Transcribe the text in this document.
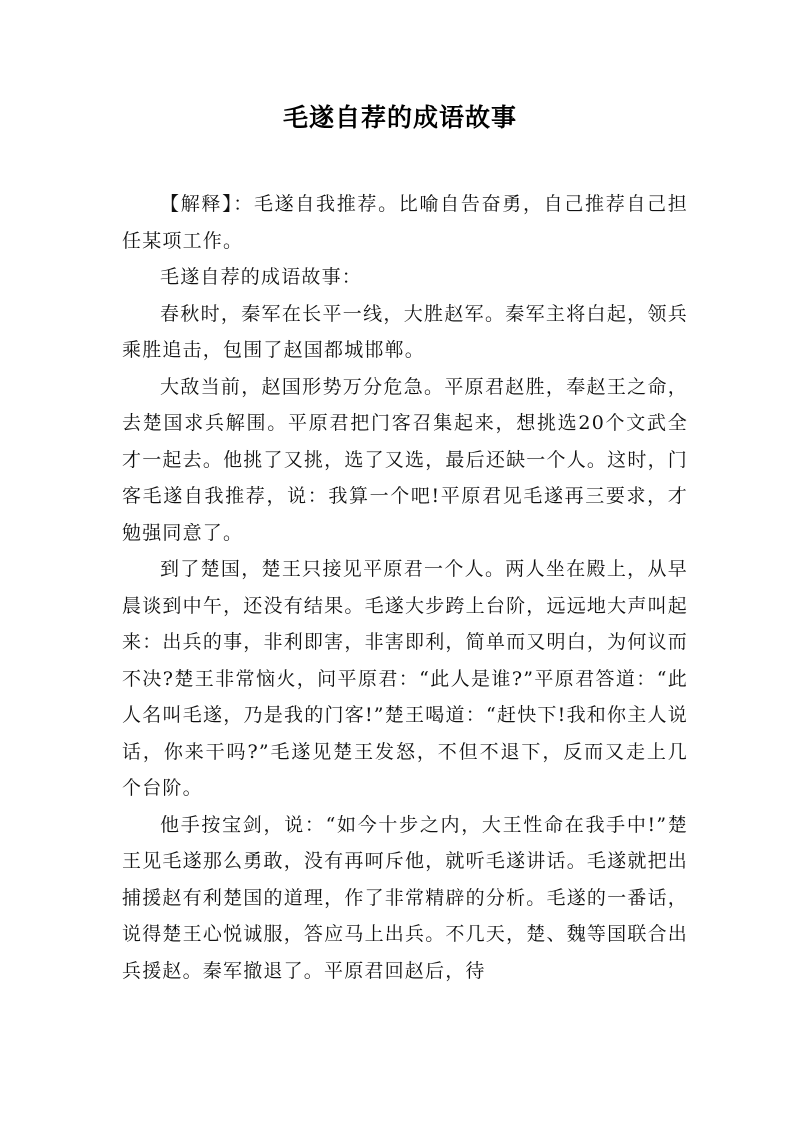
毛遂自荐的成语故事

【解释】：毛遂自我推荐。比喻自告奋勇，自己推荐自己担任某项工作。

毛遂自荐的成语故事：

春秋时，秦军在长平一线，大胜赵军。秦军主将白起，领兵乘胜追击，包围了赵国都城邯郸。

大敌当前，赵国形势万分危急。平原君赵胜，奉赵王之命，去楚国求兵解围。平原君把门客召集起来，想挑选20个文武全才一起去。他挑了又挑，选了又选，最后还缺一个人。这时，门客毛遂自我推荐，说：我算一个吧!平原君见毛遂再三要求，才勉强同意了。

到了楚国，楚王只接见平原君一个人。两人坐在殿上，从早晨谈到中午，还没有结果。毛遂大步跨上台阶，远远地大声叫起来：出兵的事，非利即害，非害即利，简单而又明白，为何议而不决?楚王非常恼火，问平原君：“此人是谁?”平原君答道：“此人名叫毛遂，乃是我的门客!”楚王喝道：“赶快下!我和你主人说话，你来干吗?”毛遂见楚王发怒，不但不退下，反而又走上几个台阶。

他手按宝剑，说：“如今十步之内，大王性命在我手中!”楚王见毛遂那么勇敢，没有再呵斥他，就听毛遂讲话。毛遂就把出捕援赵有利楚国的道理，作了非常精辟的分析。毛遂的一番话，说得楚王心悦诚服，答应马上出兵。不几天，楚、魏等国联合出兵援赵。秦军撤退了。平原君回赵后，待
